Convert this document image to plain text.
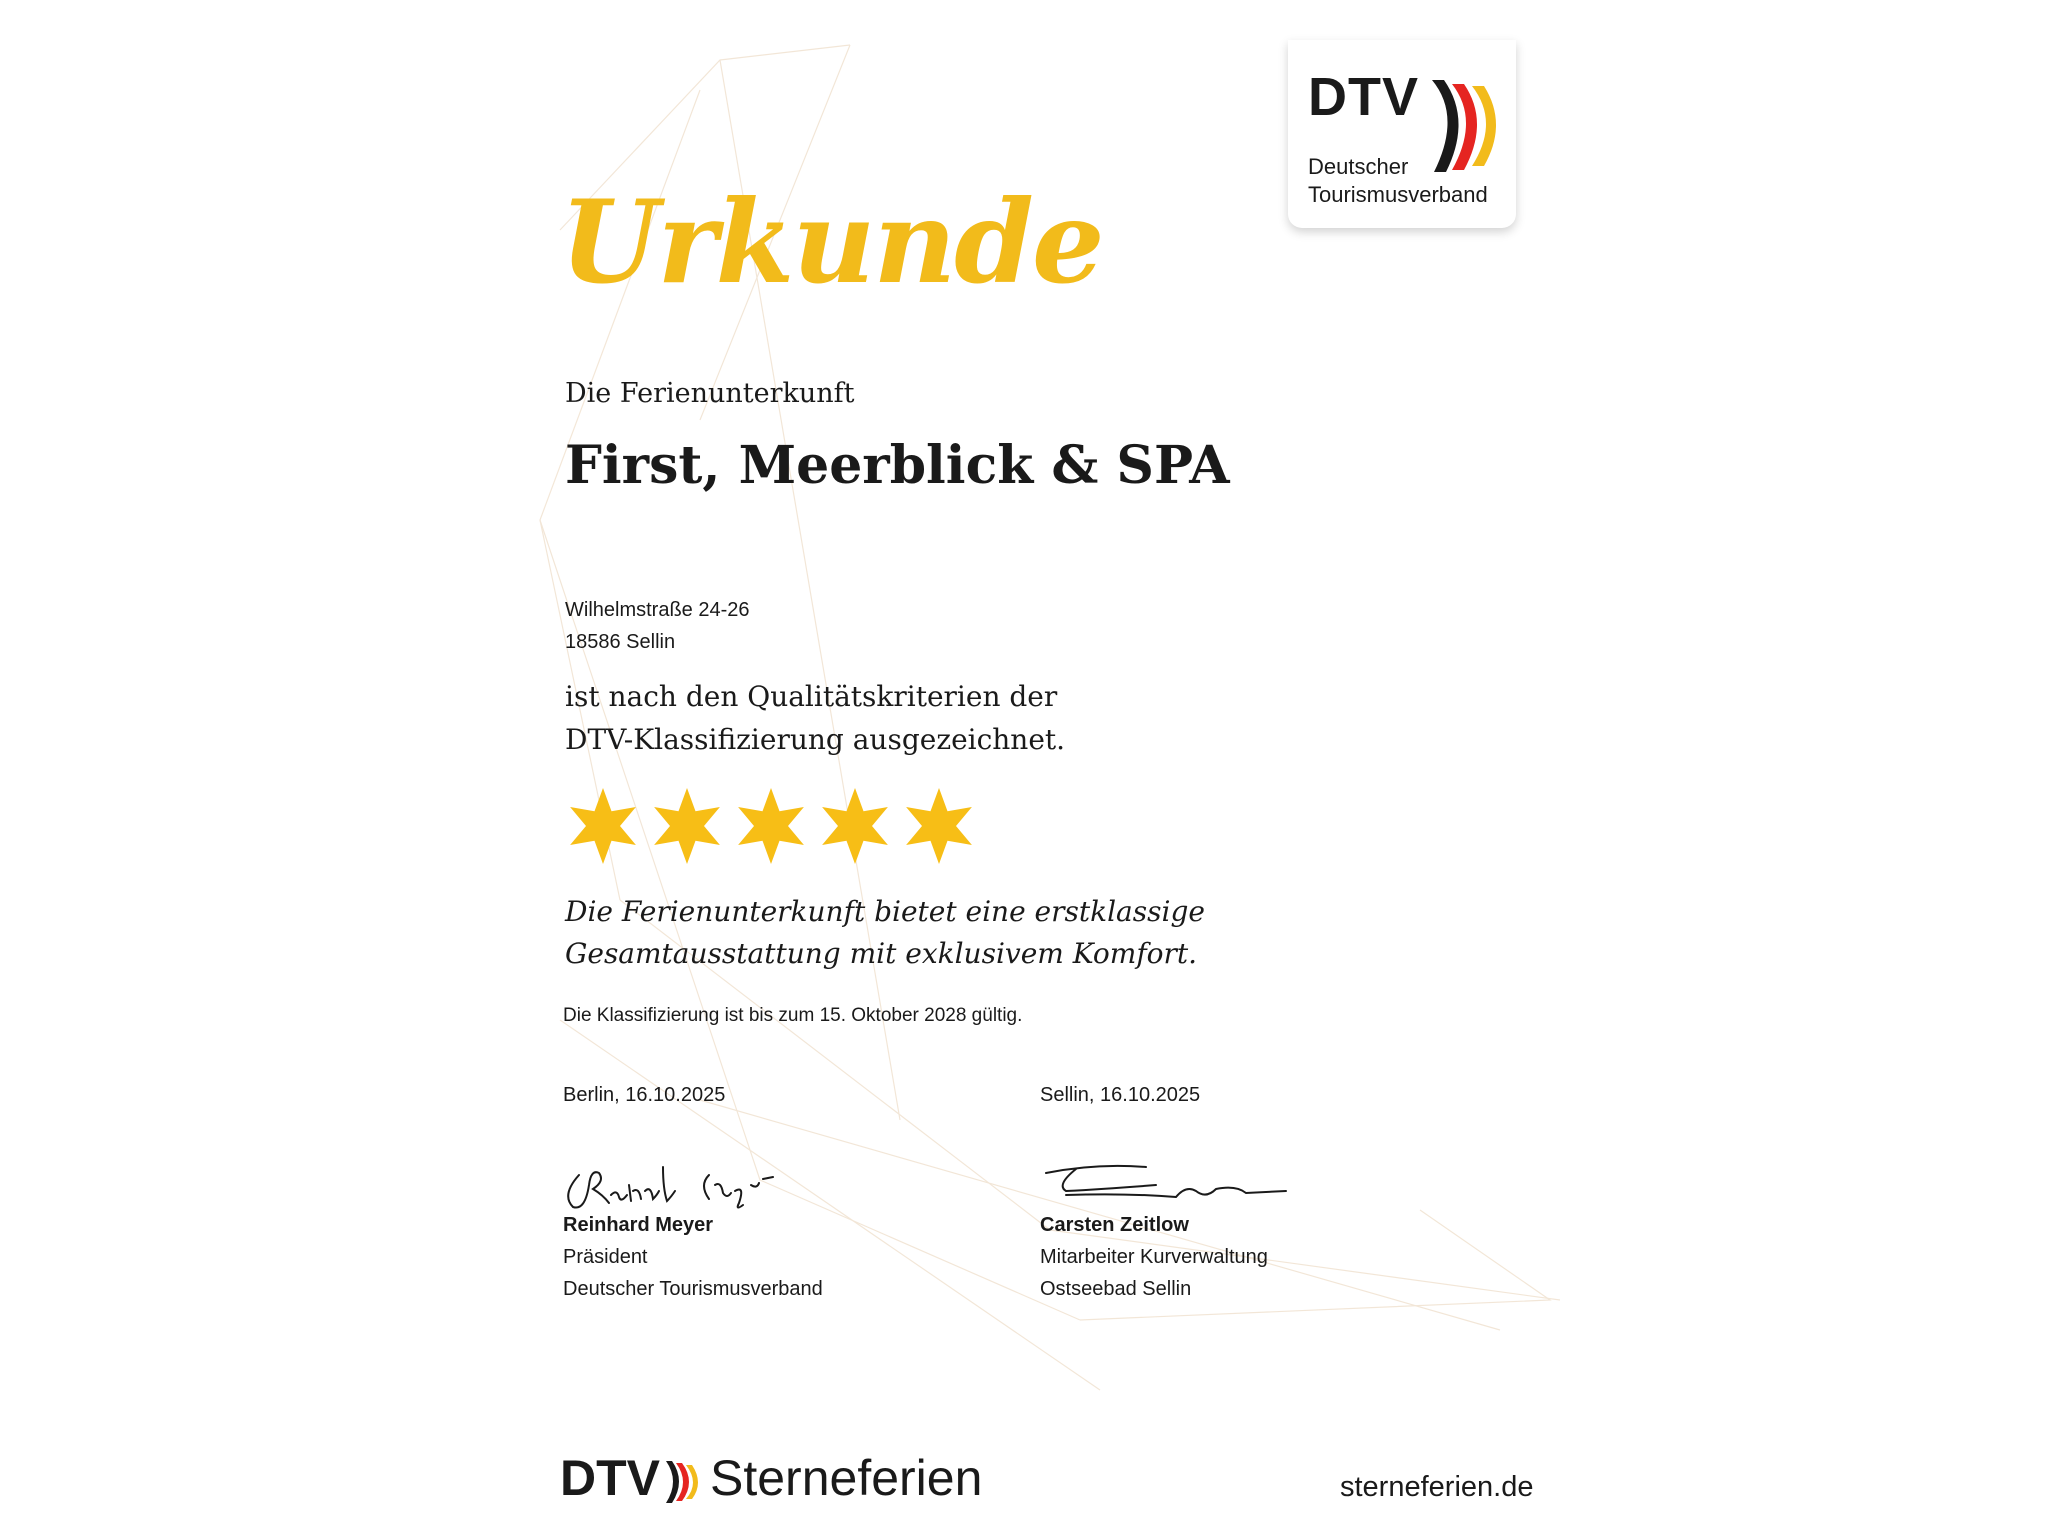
DTV
Deutscher
Tourismusverband
Urkunde
Die Ferienunterkunft
First, Meerblick & SPA
Wilhelmstraße 24-26
18586 Sellin
ist nach den Qualitätskriterien der
DTV-Klassifizierung ausgezeichnet.
Die Ferienunterkunft bietet eine erstklassige
Gesamtausstattung mit exklusivem Komfort.
Die Klassifizierung ist bis zum 15. Oktober 2028 gültig.
Berlin, 16.10.2025
Reinhard Meyer
Präsident
Deutscher Tourismusverband
Sellin, 16.10.2025
Carsten Zeitlow
Mitarbeiter Kurverwaltung
Ostseebad Sellin
DTV Sterneferien	sterneferien.de
